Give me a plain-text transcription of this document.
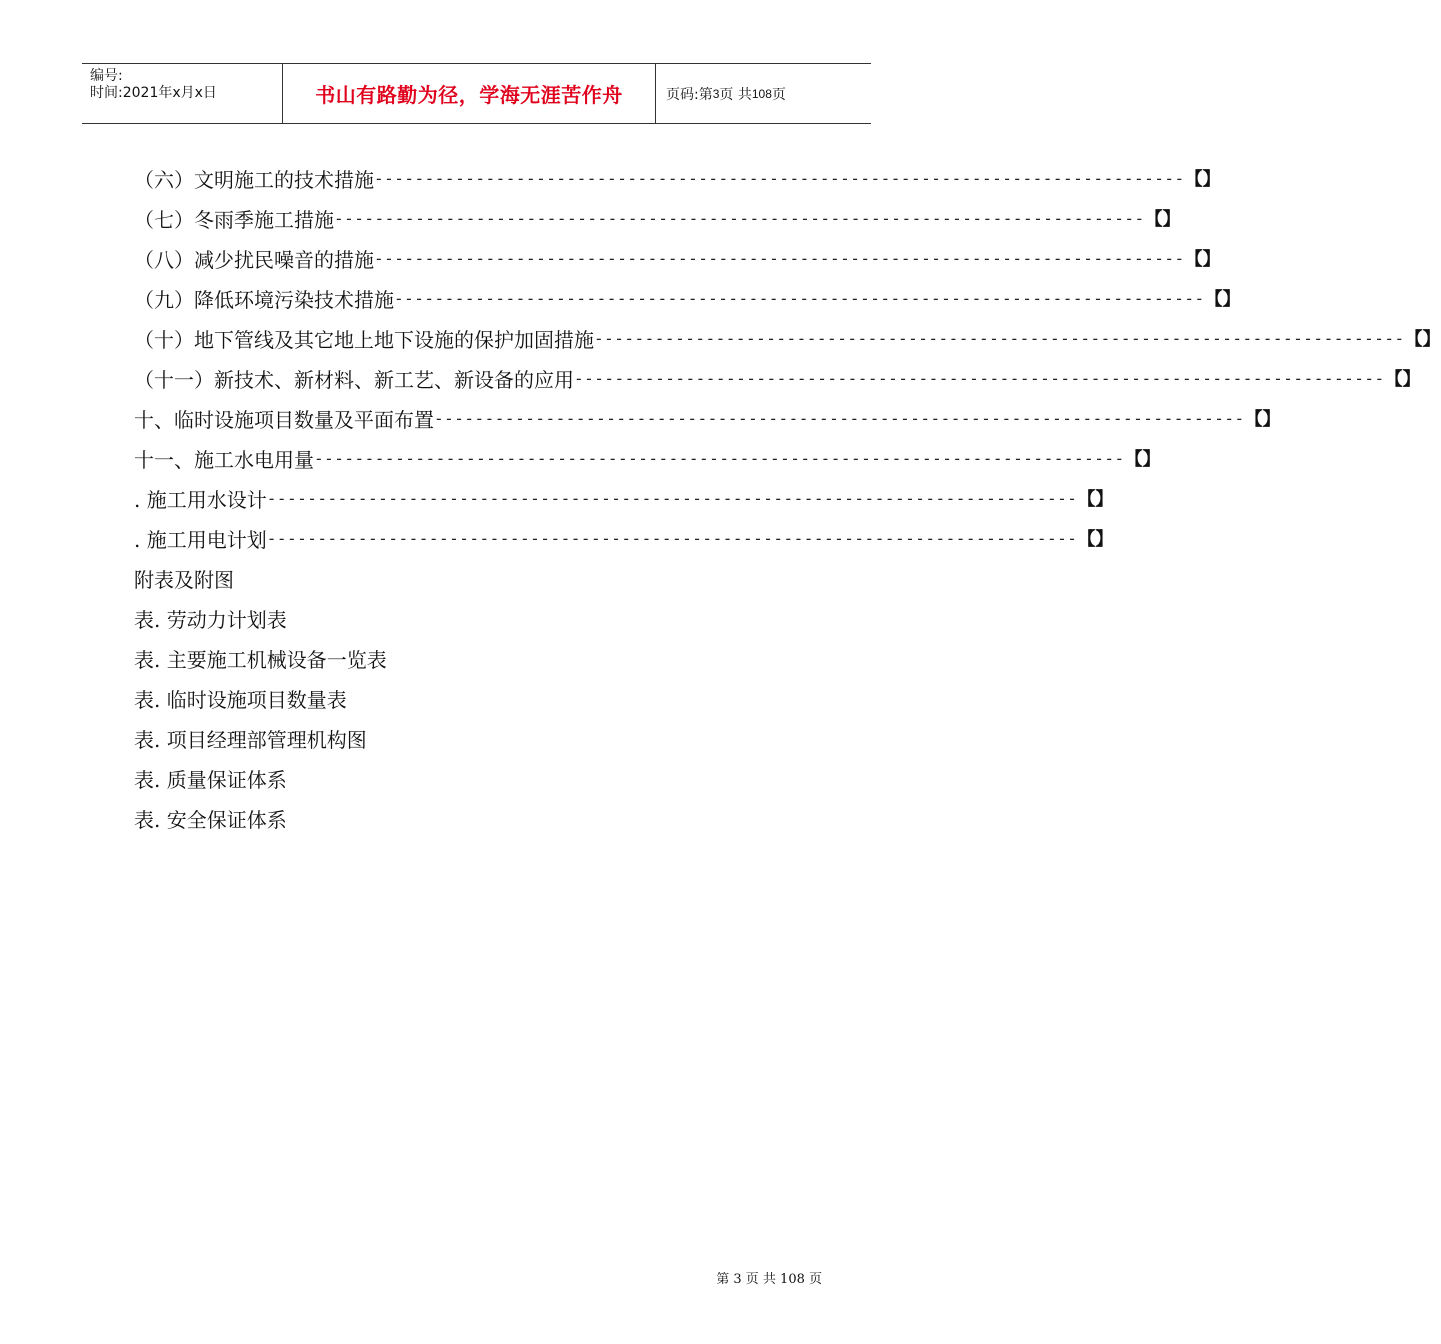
编号:
时间:2021年x月x日	书山有路勤为径，学海无涯苦作舟	页码:第 3 页 共 108 页
（六）文明施工的技术措施 -------------------------------------------------------------------------------- 【】
（七）冬雨季施工措施 -------------------------------------------------------------------------------- 【】
（八）减少扰民噪音的措施 -------------------------------------------------------------------------------- 【】
（九）降低环境污染技术措施 -------------------------------------------------------------------------------- 【】
（十）地下管线及其它地上地下设施的保护加固措施 -------------------------------------------------------------------------------- 【】
（十一）新技术、新材料、新工艺、新设备的应用 -------------------------------------------------------------------------------- 【】
十、临时设施项目数量及平面布置 -------------------------------------------------------------------------------- 【】
十一、施工水电用量 -------------------------------------------------------------------------------- 【】
. 施工用水设计 -------------------------------------------------------------------------------- 【】
. 施工用电计划 -------------------------------------------------------------------------------- 【】
附表及附图
表. 劳动力计划表
表. 主要施工机械设备一览表
表. 临时设施项目数量表
表. 项目经理部管理机构图
表. 质量保证体系
表. 安全保证体系
第 3 页 共 108 页
